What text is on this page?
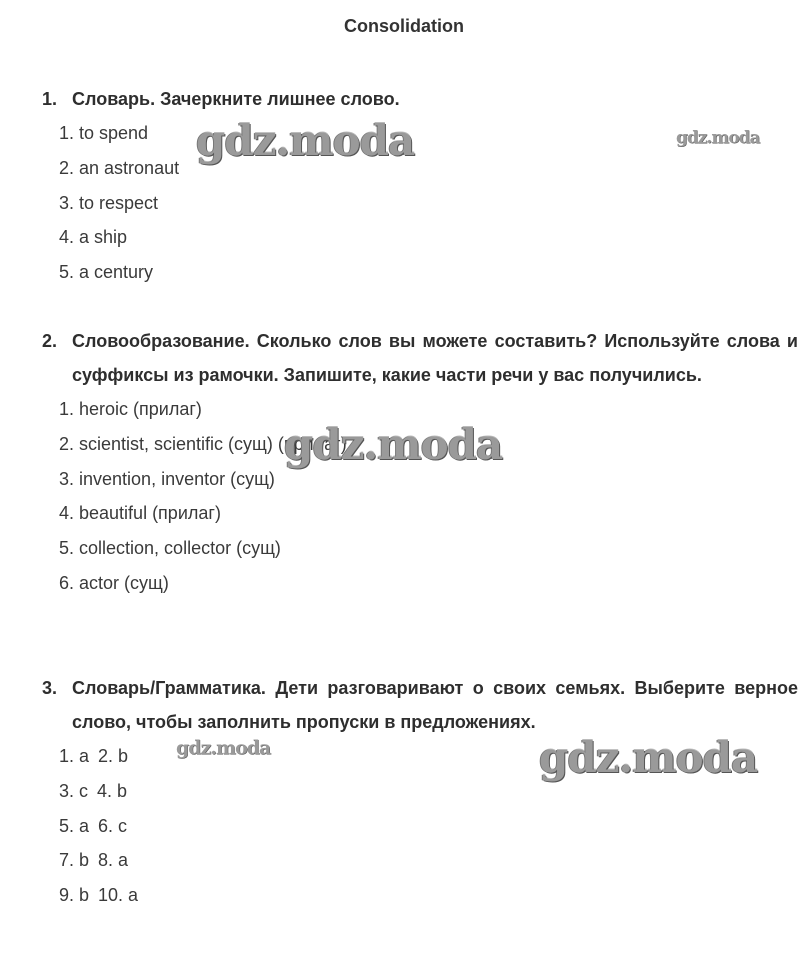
Consolidation
1. Словарь. Зачеркните лишнее слово.
1. to spend
2. an astronaut
3. to respect
4. a ship
5. a century
2. Словообразование. Сколько слов вы можете составить? Используйте слова и суффиксы из рамочки. Запишите, какие части речи у вас получились.
1. heroic (прилаг)
2. scientist, scientific (сущ) (прилаг)
3. invention, inventor (сущ)
4. beautiful (прилаг)
5. collection, collector (сущ)
6. actor (сущ)
3. Словарь/Грамматика. Дети разговаривают о своих семьях. Выберите верное слово, чтобы заполнить пропуски в предложениях.
1. a 2. b
3. c 4. b
5. a 6. c
7. b 8. a
9. b 10. a
gdz.moda	gdz.moda
gdz.moda
gdz.moda	gdz.moda
